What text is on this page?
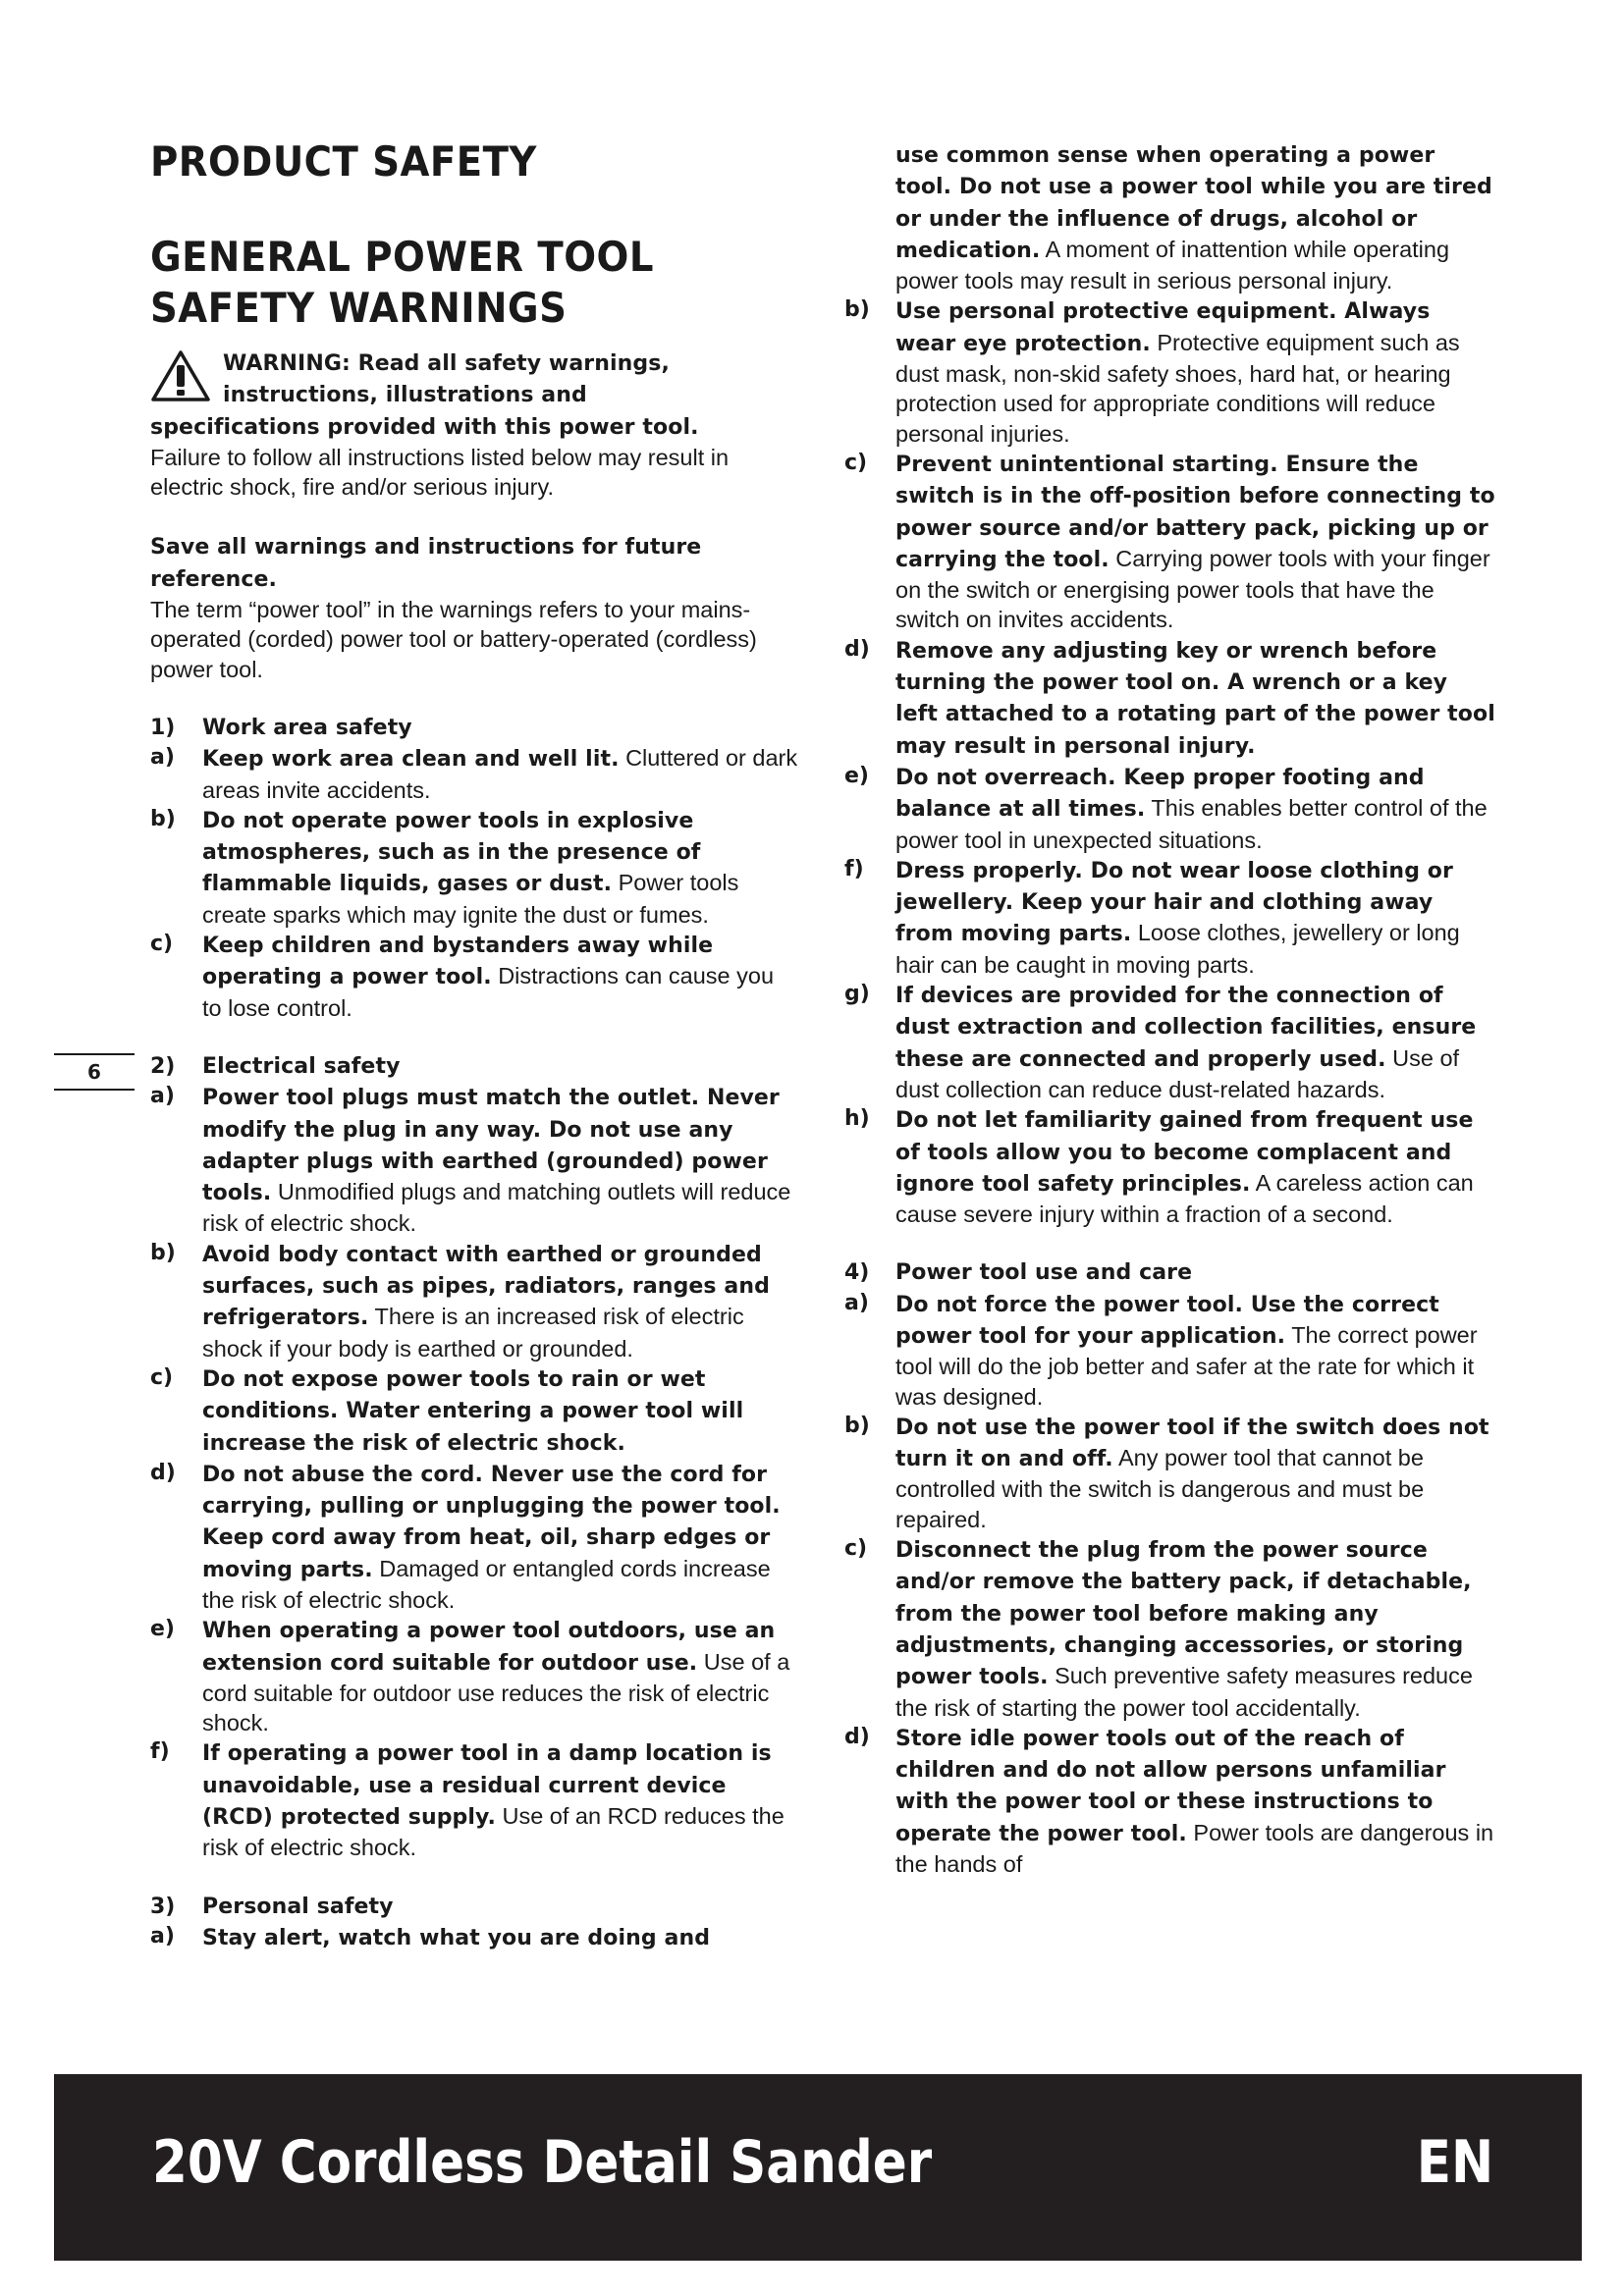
PRODUCT SAFETY
GENERAL POWER TOOL SAFETY WARNINGS

WARNING: Read all safety warnings,

instructions, illustrations and

specifications provided with this power tool.

Failure to follow all instructions listed below may result in electric shock, fire and/or serious injury.

Save all warnings and instructions for future reference.

The term “power tool” in the warnings refers to your mains-operated (corded) power tool or battery-operated (cordless) power tool.

1)	Work area safety
a)	Keep work area clean and well lit. Cluttered or dark areas invite accidents.

b)	Do not operate power tools in explosive atmospheres, such as in the presence of flammable liquids, gases or dust. Power tools create sparks which may ignite the dust or fumes.

c)	Keep children and bystanders away while operating a power tool. Distractions can cause you to lose control.

2)	Electrical safety
a)	Power tool plugs must match the outlet. Never modify the plug in any way. Do not use any adapter plugs with earthed (grounded) power tools. Unmodified plugs and matching outlets will reduce risk of electric shock.

b)	Avoid body contact with earthed or grounded surfaces, such as pipes, radiators, ranges and refrigerators. There is an increased risk of electric shock if your body is earthed or grounded.

c)	Do not expose power tools to rain or wet conditions. Water entering a power tool will increase the risk of electric shock.

d)	Do not abuse the cord. Never use the cord for carrying, pulling or unplugging the power tool. Keep cord away from heat, oil, sharp edges or moving parts. Damaged or entangled cords increase the risk of electric shock.

e)	When operating a power tool outdoors, use an extension cord suitable for outdoor use. Use of a cord suitable for outdoor use reduces the risk of electric shock.

f)	If operating a power tool in a damp location is unavoidable, use a residual current device (RCD) protected supply. Use of an RCD reduces the risk of electric shock.

3)	Personal safety
a)	Stay alert, watch what you are doing and

use common sense when operating a power tool. Do not use a power tool while you are tired or under the influence of drugs, alcohol or medication. A moment of inattention while operating power tools may result in serious personal injury.

b)	Use personal protective equipment. Always wear eye protection. Protective equipment such as dust mask, non-skid safety shoes, hard hat, or hearing protection used for appropriate conditions will reduce personal injuries.

c)	Prevent unintentional starting. Ensure the switch is in the off-position before connecting to power source and/or battery pack, picking up or carrying the tool. Carrying power tools with your finger on the switch or energising power tools that have the switch on invites accidents.

d)	Remove any adjusting key or wrench before turning the power tool on. A wrench or a key left attached to a rotating part of the power tool may result in personal injury.

e)	Do not overreach. Keep proper footing and balance at all times. This enables better control of the power tool in unexpected situations.

f)	Dress properly. Do not wear loose clothing or jewellery. Keep your hair and clothing away from moving parts. Loose clothes, jewellery or long hair can be caught in moving parts.

g)	If devices are provided for the connection of dust extraction and collection facilities, ensure these are connected and properly used. Use of dust collection can reduce dust-related hazards.

h)	Do not let familiarity gained from frequent use of tools allow you to become complacent and ignore tool safety principles. A careless action can cause severe injury within a fraction of a second.

4)	Power tool use and care
a)	Do not force the power tool. Use the correct power tool for your application. The correct power tool will do the job better and safer at the rate for which it was designed.

b)	Do not use the power tool if the switch does not turn it on and off. Any power tool that cannot be controlled with the switch is dangerous and must be repaired.

c)	Disconnect the plug from the power source and/or remove the battery pack, if detachable, from the power tool before making any adjustments, changing accessories, or storing power tools. Such preventive safety measures reduce the risk of starting the power tool accidentally.

d)	Store idle power tools out of the reach of children and do not allow persons unfamiliar with the power tool or these instructions to operate the power tool. Power tools are dangerous in the hands of

6
20V Cordless Detail Sander	EN
